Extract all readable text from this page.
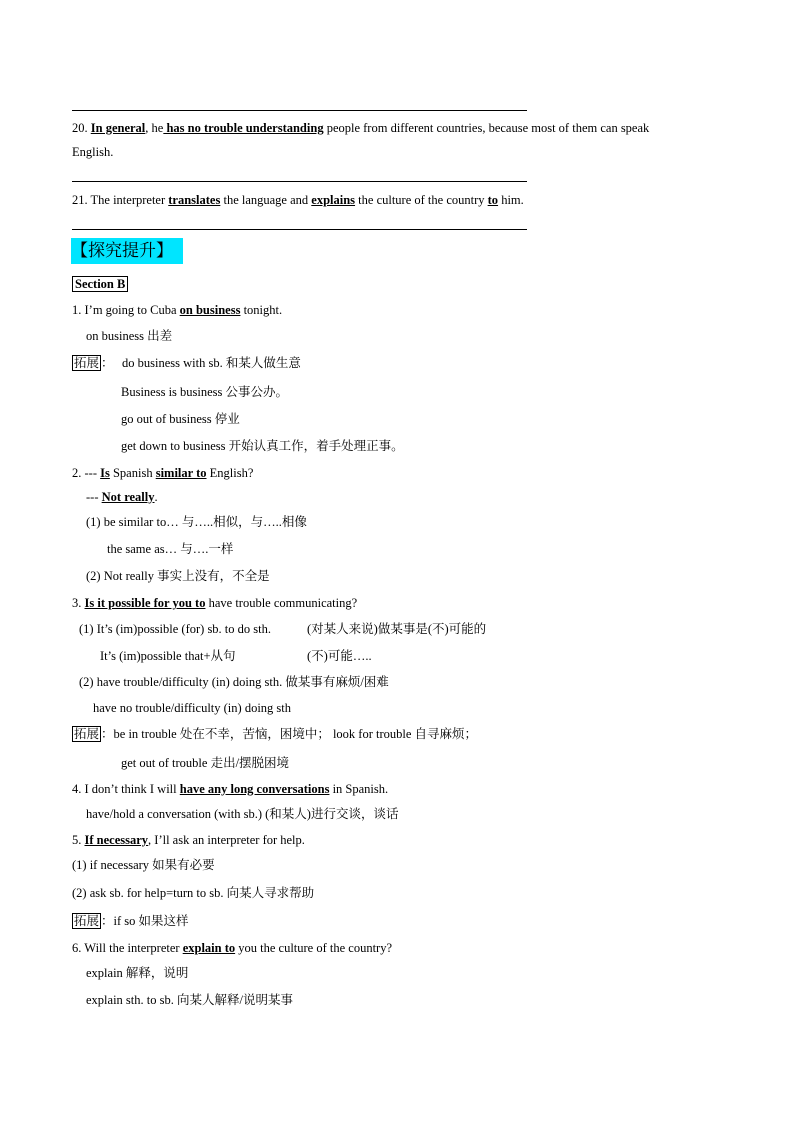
20. In general, he has no trouble understanding people from different countries, because most of them can speak
English.
21. The interpreter translates the language and explains the culture of the country to him.
【探究提升】
Section B
1. I’m going to Cuba on business tonight.
on business 出差
拓展 ： do business with sb. 和某人做生意
Business is business 公事公办。
go out of business 停业
get down to business 开始认真工作，着手处理正事。
2. --- Is Spanish similar to English?
--- Not really.
(1) be similar to… 与…..相似，与…..相像
the same as… 与….一样
(2) Not really 事实上没有，不全是
3. Is it possible for you to have trouble communicating?
(1) It’s (im)possible (for) sb. to do sth.	(对某人来说)做某事是(不)可能的
It’s (im)possible that+从句	(不)可能…..
(2) have trouble/difficulty (in) doing sth. 做某事有麻烦/困难
have no trouble/difficulty (in) doing sth
拓展 ：be in trouble 处在不幸，苦恼，困境中； look for trouble 自寻麻烦；
get out of trouble 走出/摆脱困境
4. I don’t think I will have any long conversations in Spanish.
have/hold a conversation (with sb.) (和某人)进行交谈，谈话
5. If necessary, I’ll ask an interpreter for help.
(1) if necessary 如果有必要
(2) ask sb. for help=turn to sb. 向某人寻求帮助
拓展 ：if so 如果这样
6. Will the interpreter explain to you the culture of the country?
explain 解释，说明
explain sth. to sb. 向某人解释/说明某事
